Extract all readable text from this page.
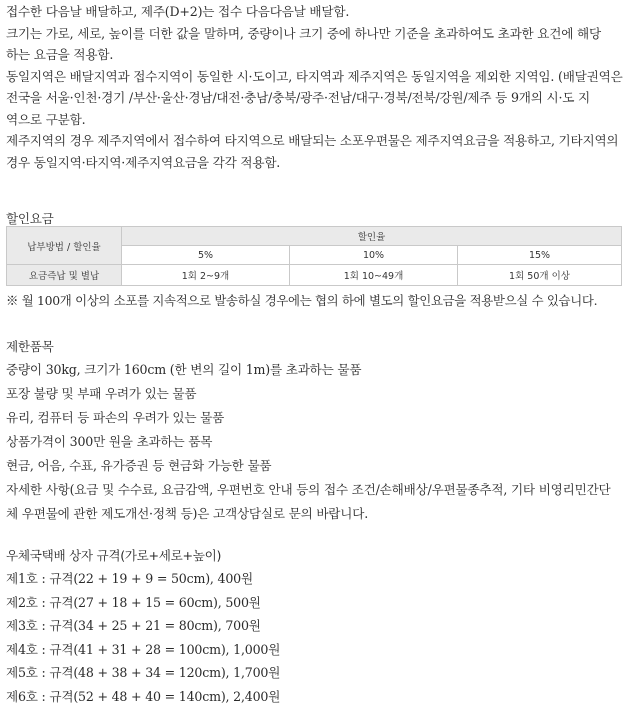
접수한 다음날 배달하고, 제주(D+2)는 접수 다음다음날 배달함.

크기는 가로, 세로, 높이를 더한 값을 말하며, 중량이나 크기 중에 하나만 기준을 초과하여도 초과한 요건에 해당

하는 요금을 적용함.

동일지역은 배달지역과 접수지역이 동일한 시·도이고, 타지역과 제주지역은 동일지역을 제외한 지역임. (배달권역은

전국을 서울·인천·경기 /부산·울산·경남/대전·충남/충북/광주·전남/대구·경북/전북/강원/제주 등 9개의 시·도 지

역으로 구분함.

제주지역의 경우 제주지역에서 접수하여 타지역으로 배달되는 소포우편물은 제주지역요금을 적용하고, 기타지역의

경우 동일지역·타지역·제주지역요금을 각각 적용함.

할인요금

납부방법 / 할인율	할인율		
	5%	10%	15%
요금즉납 및 별납	1회 2~9개	1회 10~49개	1회 50개 이상

※ 월 100개 이상의 소포를 지속적으로 발송하실 경우에는 협의 하에 별도의 할인요금을 적용받으실 수 있습니다.

제한품목

중량이 30kg, 크기가 160cm (한 변의 길이 1m)를 초과하는 물품

포장 불량 및 부패 우려가 있는 물품

유리, 컴퓨터 등 파손의 우려가 있는 물품

상품가격이 300만 원을 초과하는 품목

현금, 어음, 수표, 유가증권 등 현금화 가능한 물품

자세한 사항(요금 및 수수료, 요금감액, 우편번호 안내 등의 접수 조건/손해배상/우편물종추적, 기타 비영리민간단

체 우편물에 관한 제도개선·정책 등)은 고객상담실로 문의 바랍니다.

우체국택배 상자 규격(가로+세로+높이)

제1호 : 규격(22 + 19 + 9 = 50cm), 400원

제2호 : 규격(27 + 18 + 15 = 60cm), 500원

제3호 : 규격(34 + 25 + 21 = 80cm), 700원

제4호 : 규격(41 + 31 + 28 = 100cm), 1,000원

제5호 : 규격(48 + 38 + 34 = 120cm), 1,700원

제6호 : 규격(52 + 48 + 40 = 140cm), 2,400원
